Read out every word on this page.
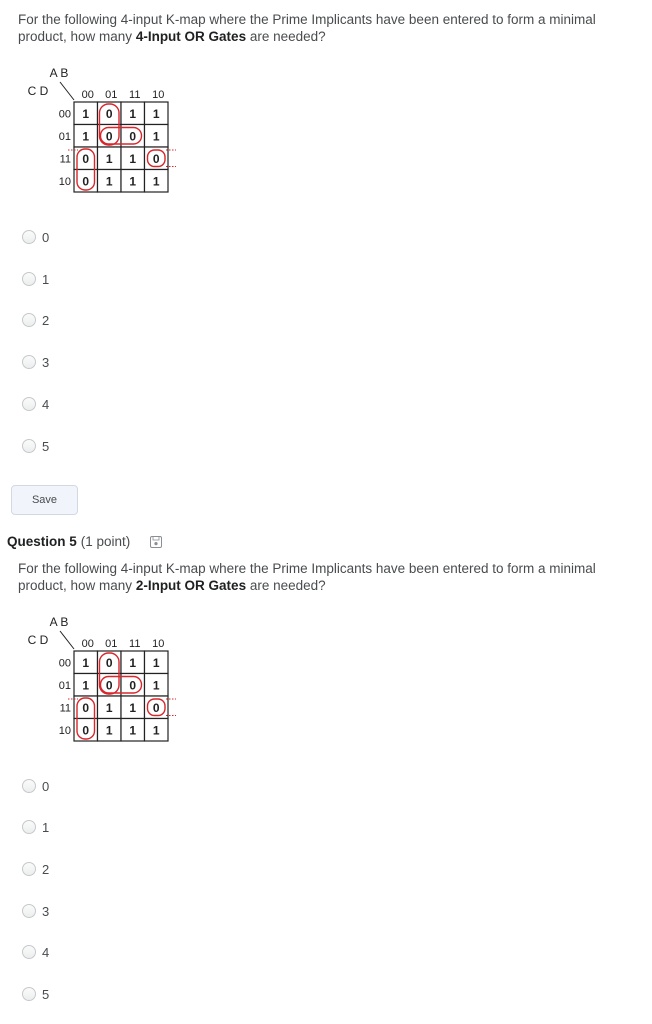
For the following 4-input K-map where the Prime Implicants have been entered to form a minimal product, how many 4-Input OR Gates are needed?
A B
C D	00 01 11 10
00
01
11
10
1 0 1 1
1 0 0 1
0 1 1 0
0 1 1 1
0
1
2
3
4
5
Save
Question 5 (1 point)
For the following 4-input K-map where the Prime Implicants have been entered to form a minimal product, how many 2-Input OR Gates are needed?
A B
C D	00 01 11 10
00
01
11
10
1 0 1 1
1 0 0 1
0 1 1 0
0 1 1 1
0
1
2
3
4
5
